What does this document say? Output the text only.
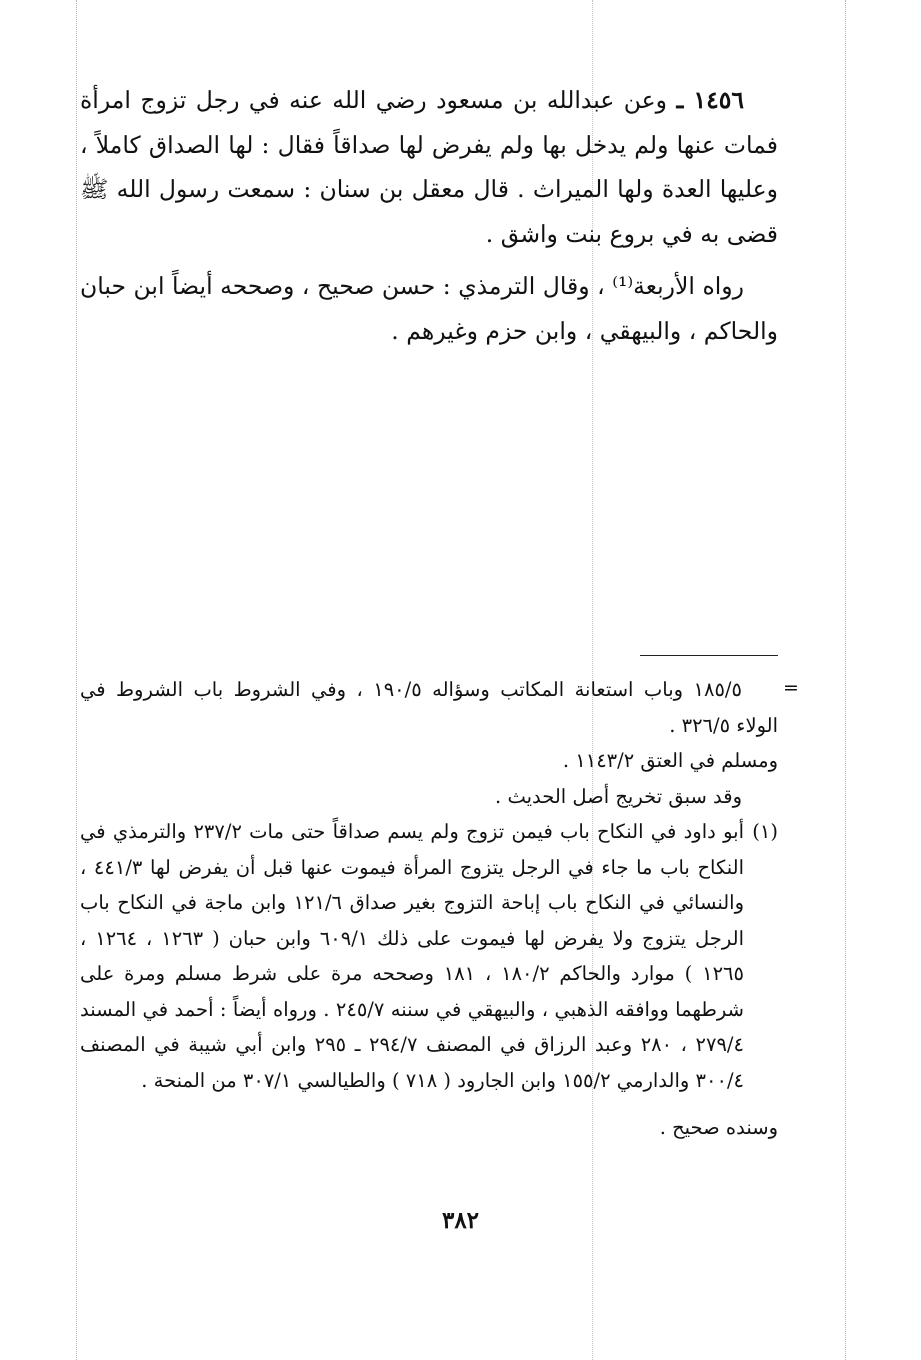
١٤٥٦ ـ وعن عبدالله بن مسعود رضي الله عنه في رجل تزوج امرأة فمات عنها ولم يدخل بها ولم يفرض لها صداقاً فقال : لها الصداق كاملاً ، وعليها العدة ولها الميراث . قال معقل بن سنان : سمعت رسول الله ﷺ قضى به في بروع بنت واشق .

رواه الأربعة⁽¹⁾ ، وقال الترمذي : حسن صحيح ، وصححه أيضاً ابن حبان والحاكم ، والبيهقي ، وابن حزم وغيرهم .

=

١٨٥/٥ وباب استعانة المكاتب وسؤاله ١٩٠/٥ ، وفي الشروط باب الشروط في الولاء ٣٢٦/٥ .

ومسلم في العتق ١١٤٣/٢ .

وقد سبق تخريج أصل الحديث .

(١)
أبو داود في النكاح باب فيمن تزوج ولم يسم صداقاً حتى مات ٢٣٧/٢ والترمذي في النكاح باب ما جاء في الرجل يتزوج المرأة فيموت عنها قبل أن يفرض لها ٤٤١/٣ ، والنسائي في النكاح باب إباحة التزوج بغير صداق ١٢١/٦ وابن ماجة في النكاح باب الرجل يتزوج ولا يفرض لها فيموت على ذلك ٦٠٩/١ وابن حبان ( ١٢٦٣ ، ١٢٦٤ ، ١٢٦٥ ) موارد والحاكم ١٨٠/٢ ، ١٨١ وصححه مرة على شرط مسلم ومرة على شرطهما ووافقه الذهبي ، والبيهقي في سننه ٢٤٥/٧ . ورواه أيضاً : أحمد في المسند ٢٧٩/٤ ، ٢٨٠ وعبد الرزاق في المصنف ٢٩٤/٧ ـ ٢٩٥ وابن أبي شيبة في المصنف ٣٠٠/٤ والدارمي ١٥٥/٢ وابن الجارود ( ٧١٨ ) والطيالسي ٣٠٧/١ من المنحة .

وسنده صحيح .

٣٨٢
